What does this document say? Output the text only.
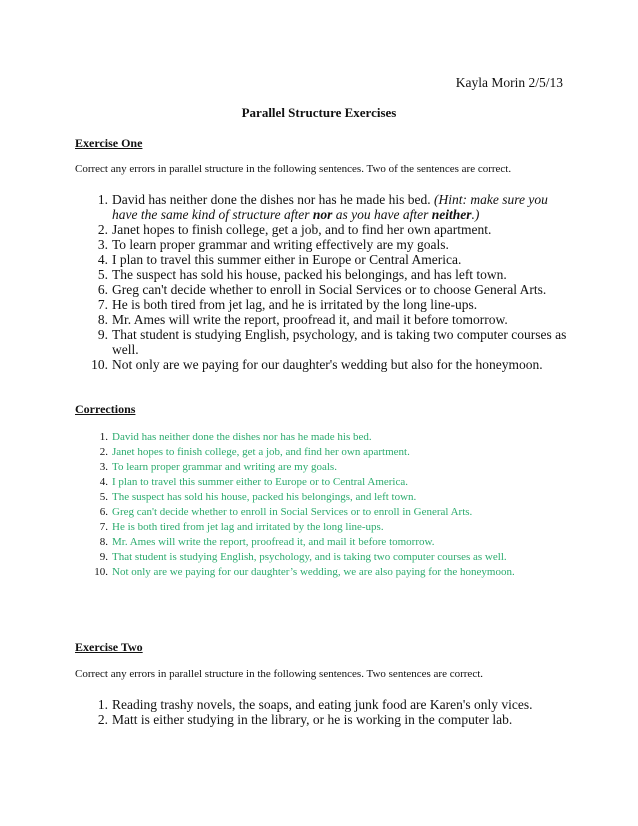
Kayla Morin 2/5/13
Parallel Structure Exercises
Exercise One
Correct any errors in parallel structure in the following sentences. Two of the sentences are correct.
1. David has neither done the dishes nor has he made his bed. (Hint: make sure you have the same kind of structure after nor as you have after neither.)
2. Janet hopes to finish college, get a job, and to find her own apartment.
3. To learn proper grammar and writing effectively are my goals.
4. I plan to travel this summer either in Europe or Central America.
5. The suspect has sold his house, packed his belongings, and has left town.
6. Greg can't decide whether to enroll in Social Services or to choose General Arts.
7. He is both tired from jet lag, and he is irritated by the long line-ups.
8. Mr. Ames will write the report, proofread it, and mail it before tomorrow.
9. That student is studying English, psychology, and is taking two computer courses as well.
10. Not only are we paying for our daughter's wedding but also for the honeymoon.
Corrections
1. David has neither done the dishes nor has he made his bed.
2. Janet hopes to finish college, get a job, and find her own apartment.
3. To learn proper grammar and writing are my goals.
4. I plan to travel this summer either to Europe or to Central America.
5. The suspect has sold his house, packed his belongings, and left town.
6. Greg can't decide whether to enroll in Social Services or to enroll in General Arts.
7. He is both tired from jet lag and irritated by the long line-ups.
8. Mr. Ames will write the report, proofread it, and mail it before tomorrow.
9. That student is studying English, psychology, and is taking two computer courses as well.
10. Not only are we paying for our daughter’s wedding, we are also paying for the honeymoon.
Exercise Two
Correct any errors in parallel structure in the following sentences. Two sentences are correct.
1. Reading trashy novels, the soaps, and eating junk food are Karen's only vices.
2. Matt is either studying in the library, or he is working in the computer lab.
